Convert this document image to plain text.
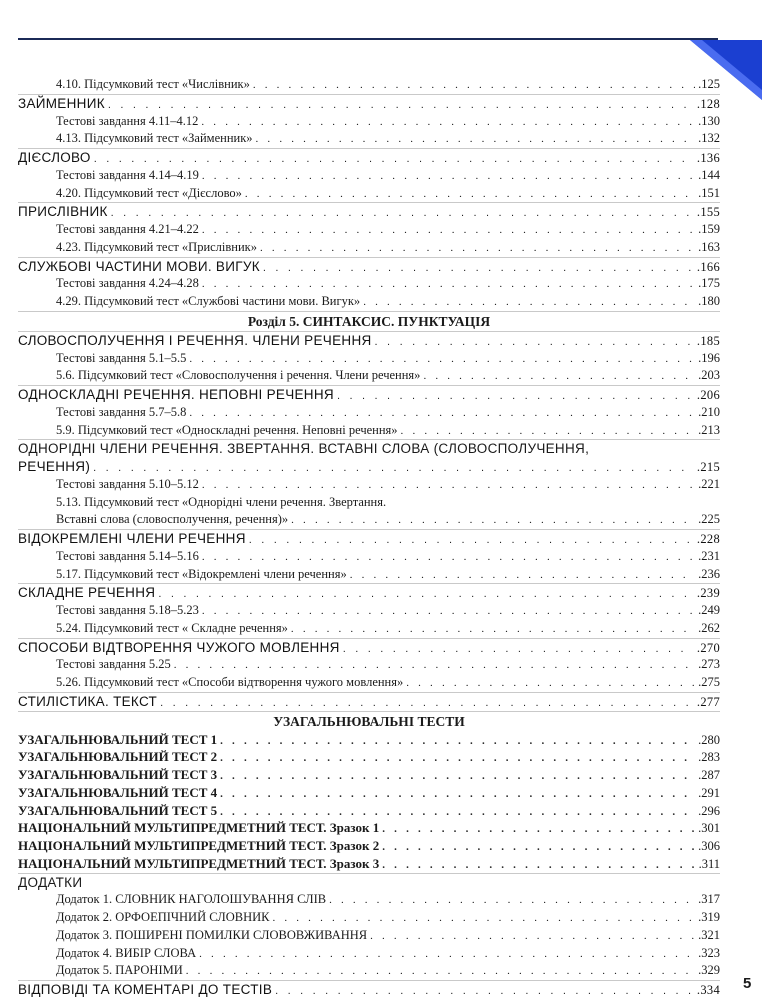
4.10. Підсумковий тест «Числівник» . . .	.125
ЗАЙМЕННИК . . .	.128
Тестові завдання 4.11–4.12 . . .	.130
4.13. Підсумковий тест «Займенник» . . .	.132
ДІЄСЛОВО . . .	.136
Тестові завдання 4.14–4.19 . . .	.144
4.20. Підсумковий тест «Дієслово» . . .	.151
ПРИСЛІВНИК . . .	.155
Тестові завдання 4.21–4.22 . . .	.159
4.23. Підсумковий тест «Прислівник» . . .	.163
СЛУЖБОВІ ЧАСТИНИ МОВИ. ВИГУК . . .	.166
Тестові завдання 4.24–4.28 . . .	.175
4.29. Підсумковий тест «Службові частини мови. Вигук» . . .	.180
Розділ 5. СИНТАКСИС. ПУНКТУАЦІЯ
СЛОВОСПОЛУЧЕННЯ І РЕЧЕННЯ. ЧЛЕНИ РЕЧЕННЯ . . .	.185
Тестові завдання 5.1–5.5 . . .	.196
5.6. Підсумковий тест «Словосполучення і речення. Члени речення» . . .	.203
ОДНОСКЛАДНІ РЕЧЕННЯ. НЕПОВНІ РЕЧЕННЯ . . .	.206
Тестові завдання 5.7–5.8 . . .	.210
5.9. Підсумковий тест «Односкладні речення. Неповні речення» . . .	.213
ОДНОРІДНІ ЧЛЕНИ РЕЧЕННЯ. ЗВЕРТАННЯ. ВСТАВНІ СЛОВА (СЛОВОСПОЛУЧЕННЯ,
РЕЧЕННЯ) . . .	.215
Тестові завдання 5.10–5.12 . . .	.221
5.13. Підсумковий тест «Однорідні члени речення. Звертання.
Вставні слова (словосполучення, речення)» . . .	.225
ВІДОКРЕМЛЕНІ ЧЛЕНИ РЕЧЕННЯ . . .	.228
Тестові завдання 5.14–5.16 . . .	.231
5.17. Підсумковий тест «Відокремлені члени речення» . . .	.236
СКЛАДНЕ РЕЧЕННЯ . . .	.239
Тестові завдання 5.18–5.23 . . .	.249
5.24. Підсумковий тест « Складне речення» . . .	.262
СПОСОБИ ВІДТВОРЕННЯ ЧУЖОГО МОВЛЕННЯ . . .	.270
Тестові завдання 5.25 . . .	.273
5.26. Підсумковий тест «Способи відтворення чужого мовлення» . . .	.275
СТИЛІСТИКА. ТЕКСТ . . .	.277
УЗАГАЛЬНЮВАЛЬНІ ТЕСТИ
УЗАГАЛЬНЮВАЛЬНИЙ ТЕСТ 1 . . .	.280
УЗАГАЛЬНЮВАЛЬНИЙ ТЕСТ 2 . . .	.283
УЗАГАЛЬНЮВАЛЬНИЙ ТЕСТ 3 . . .	.287
УЗАГАЛЬНЮВАЛЬНИЙ ТЕСТ 4 . . .	.291
УЗАГАЛЬНЮВАЛЬНИЙ ТЕСТ 5 . . .	.296
НАЦІОНАЛЬНИЙ МУЛЬТИПРЕДМЕТНИЙ ТЕСТ. Зразок 1 . . .	.301
НАЦІОНАЛЬНИЙ МУЛЬТИПРЕДМЕТНИЙ ТЕСТ. Зразок 2 . . .	.306
НАЦІОНАЛЬНИЙ МУЛЬТИПРЕДМЕТНИЙ ТЕСТ. Зразок 3 . . .	.311
ДОДАТКИ
Додаток 1. СЛОВНИК НАГОЛОШУВАННЯ СЛІВ . . .	.317
Додаток 2. ОРФОЕПІЧНИЙ СЛОВНИК . . .	.319
Додаток 3. ПОШИРЕНІ ПОМИЛКИ СЛОВОВЖИВАННЯ . . .	.321
Додаток 4. ВИБІР СЛОВА . . .	.323
Додаток 5. ПАРОНІМИ . . .	.329
ВІДПОВІДІ ТА КОМЕНТАРІ ДО ТЕСТІВ . . .	.334 5
